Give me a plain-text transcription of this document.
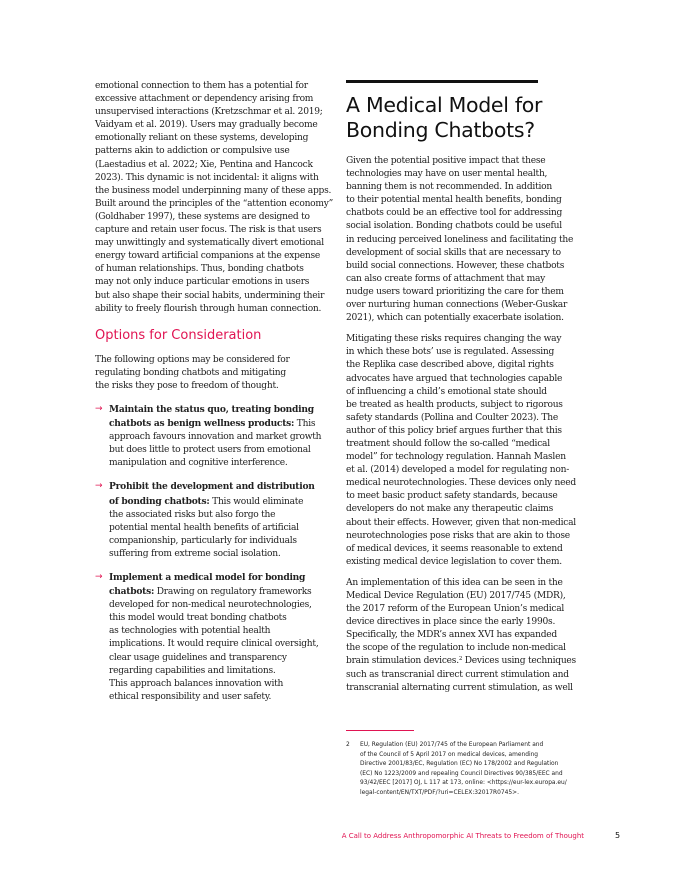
emotional connection to them has a potential for
excessive attachment or dependency arising from
unsupervised interactions (Kretzschmar et al. 2019;
Vaidyam et al. 2019). Users may gradually become
emotionally reliant on these systems, developing
patterns akin to addiction or compulsive use
(Laestadius et al. 2022; Xie, Pentina and Hancock
2023). This dynamic is not incidental: it aligns with
the business model underpinning many of these apps.
Built around the principles of the “attention economy”
(Goldhaber 1997), these systems are designed to
capture and retain user focus. The risk is that users
may unwittingly and systematically divert emotional
energy toward artificial companions at the expense
of human relationships. Thus, bonding chatbots
may not only induce particular emotions in users
but also shape their social habits, undermining their
ability to freely flourish through human connection.

Options for Consideration

The following options may be considered for
regulating bonding chatbots and mitigating
the risks they pose to freedom of thought.

→ Maintain the status quo, treating bonding
chatbots as benign wellness products: This
approach favours innovation and market growth
but does little to protect users from emotional
manipulation and cognitive interference.
→ Prohibit the development and distribution
of bonding chatbots: This would eliminate
the associated risks but also forgo the
potential mental health benefits of artificial
companionship, particularly for individuals
suffering from extreme social isolation.
→ Implement a medical model for bonding
chatbots: Drawing on regulatory frameworks
developed for non-medical neurotechnologies,
this model would treat bonding chatbots
as technologies with potential health
implications. It would require clinical oversight,
clear usage guidelines and transparency
regarding capabilities and limitations.
This approach balances innovation with
ethical responsibility and user safety.
A Medical Model for
Bonding Chatbots?

Given the potential positive impact that these
technologies may have on user mental health,
banning them is not recommended. In addition
to their potential mental health benefits, bonding
chatbots could be an effective tool for addressing
social isolation. Bonding chatbots could be useful
in reducing perceived loneliness and facilitating the
development of social skills that are necessary to
build social connections. However, these chatbots
can also create forms of attachment that may
nudge users toward prioritizing the care for them
over nurturing human connections (Weber-Guskar
2021), which can potentially exacerbate isolation.

Mitigating these risks requires changing the way
in which these bots’ use is regulated. Assessing
the Replika case described above, digital rights
advocates have argued that technologies capable
of influencing a child’s emotional state should
be treated as health products, subject to rigorous
safety standards (Pollina and Coulter 2023). The
author of this policy brief argues further that this
treatment should follow the so-called “medical
model” for technology regulation. Hannah Maslen
et al. (2014) developed a model for regulating non-
medical neurotechnologies. These devices only need
to meet basic product safety standards, because
developers do not make any therapeutic claims
about their effects. However, given that non-medical
neurotechnologies pose risks that are akin to those
of medical devices, it seems reasonable to extend
existing medical device legislation to cover them.

An implementation of this idea can be seen in the
Medical Device Regulation (EU) 2017/745 (MDR),
the 2017 reform of the European Union’s medical
device directives in place since the early 1990s.
Specifically, the MDR’s annex XVI has expanded
the scope of the regulation to include non-medical
brain stimulation devices.$^2$ Devices using techniques
such as transcranial direct current stimulation and
transcranial alternating current stimulation, as well

2 EU, Regulation (EU) 2017/745 of the European Parliament and
of the Council of 5 April 2017 on medical devices, amending
Directive 2001/83/EC, Regulation (EC) No 178/2002 and Regulation
(EC) No 1223/2009 and repealing Council Directives 90/385/EEC and
93/42/EEC [2017] OJ, L 117 at 173, online: <https://eur-lex.europa.eu/
legal-content/EN/TXT/PDF/?uri=CELEX:32017R0745>.
A Call to Address Anthropomorphic AI Threats to Freedom of Thought	5
